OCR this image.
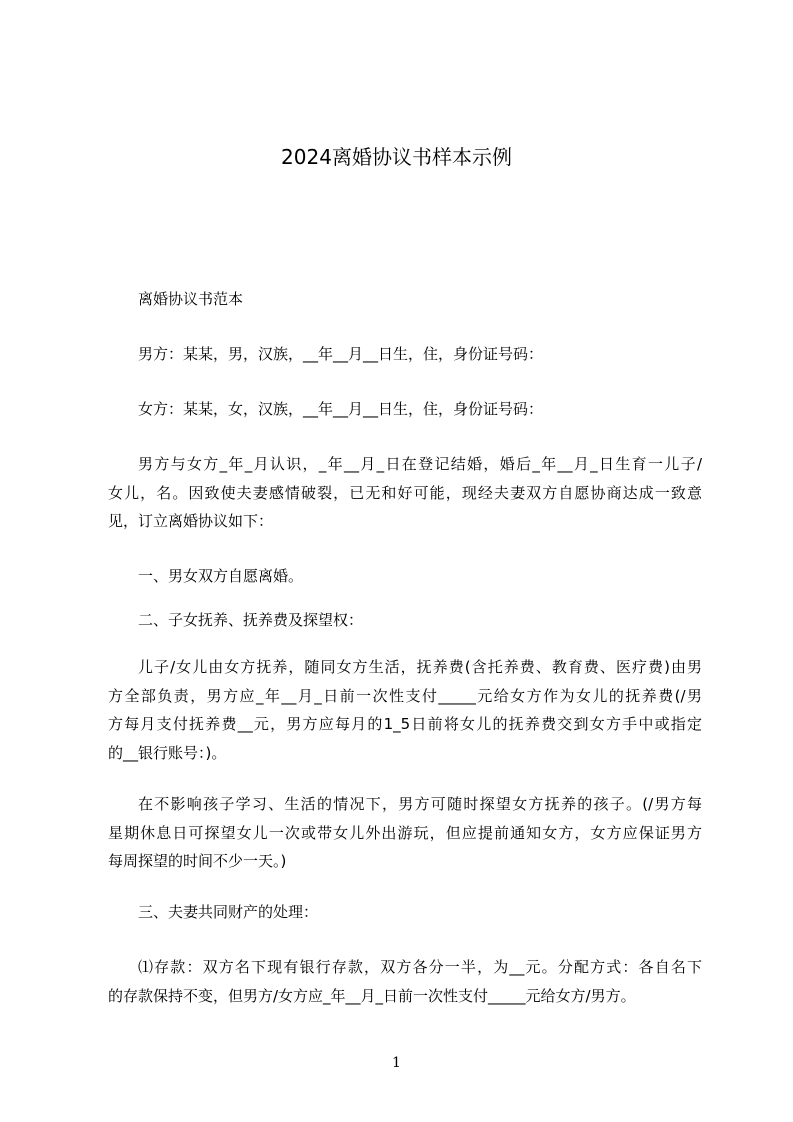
2024离婚协议书样本示例
离婚协议书范本
男方：某某，男，汉族，__年__月__日生，住，身份证号码：
女方：某某，女，汉族，__年__月__日生，住，身份证号码：
男方与女方_年_月认识，_年__月_日在登记结婚，婚后_年__月_日生育一儿子/
女儿，名。因致使夫妻感情破裂，已无和好可能，现经夫妻双方自愿协商达成一致意
见，订立离婚协议如下：
一、男女双方自愿离婚。
二、子女抚养、抚养费及探望权：
儿子/女儿由女方抚养，随同女方生活，抚养费(含托养费、教育费、医疗费)由男
方全部负责，男方应_年__月_日前一次性支付_____元给女方作为女儿的抚养费(/男
方每月支付抚养费__元，男方应每月的1_5日前将女儿的抚养费交到女方手中或指定
的__银行账号：)。
在不影响孩子学习、生活的情况下，男方可随时探望女方抚养的孩子。(/男方每
星期休息日可探望女儿一次或带女儿外出游玩，但应提前通知女方，女方应保证男方
每周探望的时间不少一天。)
三、夫妻共同财产的处理：
⑴存款：双方名下现有银行存款，双方各分一半，为__元。分配方式：各自名下
的存款保持不变，但男方/女方应_年__月_日前一次性支付_____元给女方/男方。
1
